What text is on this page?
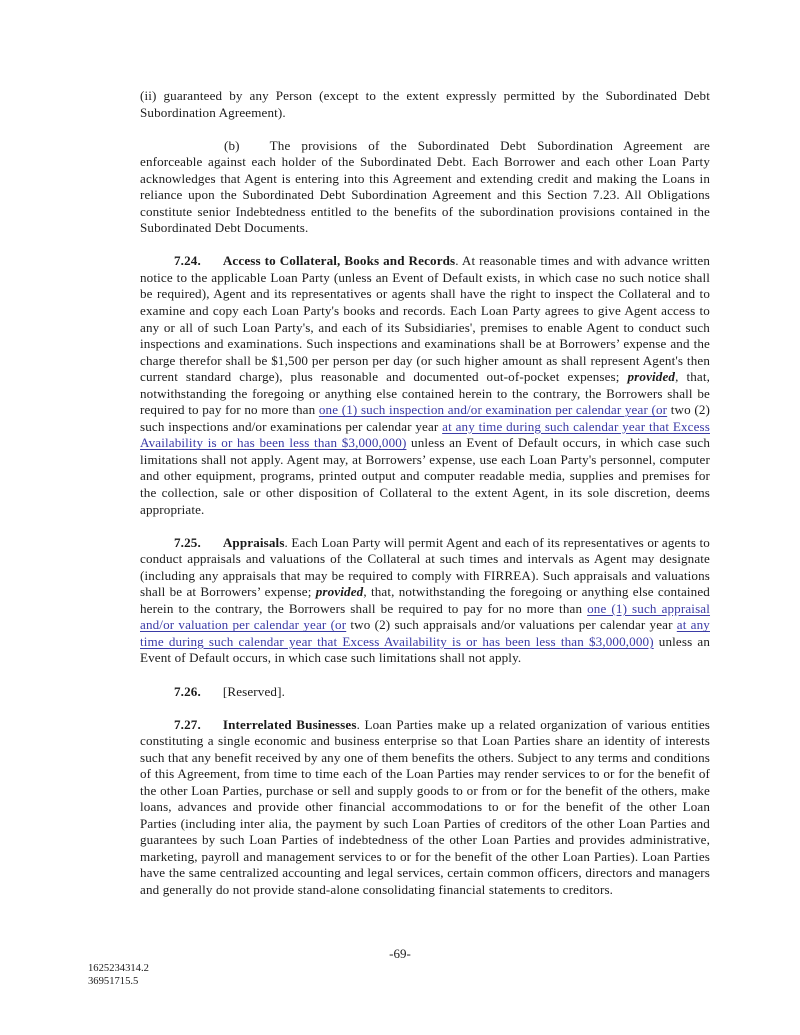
(ii) guaranteed by any Person (except to the extent expressly permitted by the Subordinated Debt Subordination Agreement).

(b) The provisions of the Subordinated Debt Subordination Agreement are enforceable against each holder of the Subordinated Debt. Each Borrower and each other Loan Party acknowledges that Agent is entering into this Agreement and extending credit and making the Loans in reliance upon the Subordinated Debt Subordination Agreement and this Section 7.23. All Obligations constitute senior Indebtedness entitled to the benefits of the subordination provisions contained in the Subordinated Debt Documents.

7.24. Access to Collateral, Books and Records. At reasonable times and with advance written notice to the applicable Loan Party (unless an Event of Default exists, in which case no such notice shall be required), Agent and its representatives or agents shall have the right to inspect the Collateral and to examine and copy each Loan Party's books and records. Each Loan Party agrees to give Agent access to any or all of such Loan Party's, and each of its Subsidiaries', premises to enable Agent to conduct such inspections and examinations. Such inspections and examinations shall be at Borrowers’ expense and the charge therefor shall be $1,500 per person per day (or such higher amount as shall represent Agent's then current standard charge), plus reasonable and documented out-of-pocket expenses; provided, that, notwithstanding the foregoing or anything else contained herein to the contrary, the Borrowers shall be required to pay for no more than one (1) such inspection and/or examination per calendar year (or two (2) such inspections and/or examinations per calendar year at any time during such calendar year that Excess Availability is or has been less than $3,000,000) unless an Event of Default occurs, in which case such limitations shall not apply. Agent may, at Borrowers’ expense, use each Loan Party's personnel, computer and other equipment, programs, printed output and computer readable media, supplies and premises for the collection, sale or other disposition of Collateral to the extent Agent, in its sole discretion, deems appropriate.

7.25. Appraisals. Each Loan Party will permit Agent and each of its representatives or agents to conduct appraisals and valuations of the Collateral at such times and intervals as Agent may designate (including any appraisals that may be required to comply with FIRREA). Such appraisals and valuations shall be at Borrowers’ expense; provided, that, notwithstanding the foregoing or anything else contained herein to the contrary, the Borrowers shall be required to pay for no more than one (1) such appraisal and/or valuation per calendar year (or two (2) such appraisals and/or valuations per calendar year at any time during such calendar year that Excess Availability is or has been less than $3,000,000) unless an Event of Default occurs, in which case such limitations shall not apply.

7.26. [Reserved].

7.27. Interrelated Businesses. Loan Parties make up a related organization of various entities constituting a single economic and business enterprise so that Loan Parties share an identity of interests such that any benefit received by any one of them benefits the others. Subject to any terms and conditions of this Agreement, from time to time each of the Loan Parties may render services to or for the benefit of the other Loan Parties, purchase or sell and supply goods to or from or for the benefit of the others, make loans, advances and provide other financial accommodations to or for the benefit of the other Loan Parties (including inter alia, the payment by such Loan Parties of creditors of the other Loan Parties and guarantees by such Loan Parties of indebtedness of the other Loan Parties and provides administrative, marketing, payroll and management services to or for the benefit of the other Loan Parties). Loan Parties have the same centralized accounting and legal services, certain common officers, directors and managers and generally do not provide stand-alone consolidating financial statements to creditors.

-69-
1625234314.2
36951715.5
